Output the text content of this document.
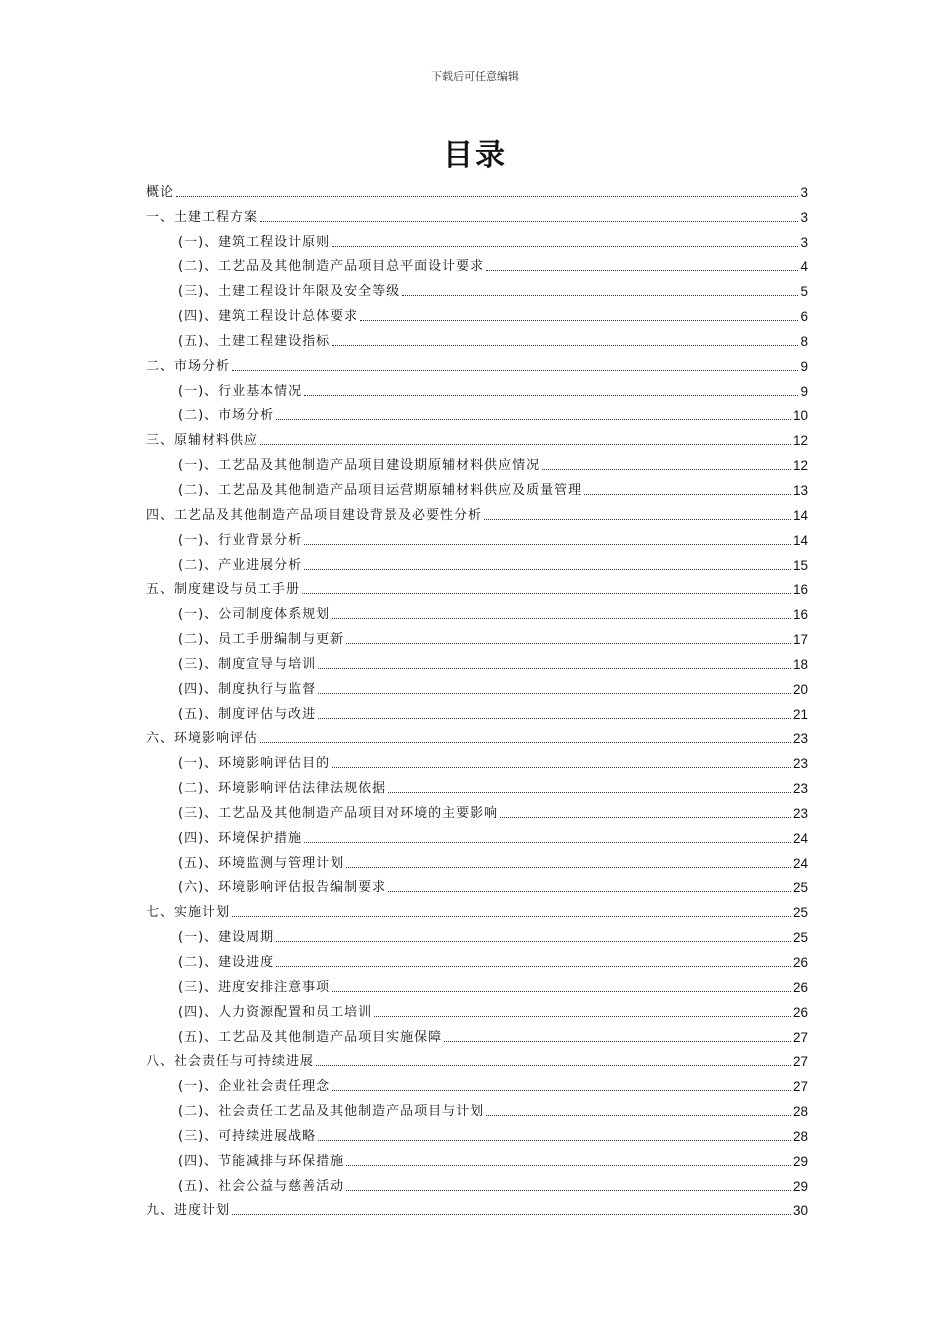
下载后可任意编辑
目录
概论	3
一、土建工程方案	3
(一)、建筑工程设计原则	3
(二)、工艺品及其他制造产品项目总平面设计要求	4
(三)、土建工程设计年限及安全等级	5
(四)、建筑工程设计总体要求	6
(五)、土建工程建设指标	8
二、市场分析	9
(一)、行业基本情况	9
(二)、市场分析	10
三、原辅材料供应	12
(一)、工艺品及其他制造产品项目建设期原辅材料供应情况	12
(二)、工艺品及其他制造产品项目运营期原辅材料供应及质量管理	13
四、工艺品及其他制造产品项目建设背景及必要性分析	14
(一)、行业背景分析	14
(二)、产业进展分析	15
五、制度建设与员工手册	16
(一)、公司制度体系规划	16
(二)、员工手册编制与更新	17
(三)、制度宣导与培训	18
(四)、制度执行与监督	20
(五)、制度评估与改进	21
六、环境影响评估	23
(一)、环境影响评估目的	23
(二)、环境影响评估法律法规依据	23
(三)、工艺品及其他制造产品项目对环境的主要影响	23
(四)、环境保护措施	24
(五)、环境监测与管理计划	24
(六)、环境影响评估报告编制要求	25
七、实施计划	25
(一)、建设周期	25
(二)、建设进度	26
(三)、进度安排注意事项	26
(四)、人力资源配置和员工培训	26
(五)、工艺品及其他制造产品项目实施保障	27
八、社会责任与可持续进展	27
(一)、企业社会责任理念	27
(二)、社会责任工艺品及其他制造产品项目与计划	28
(三)、可持续进展战略	28
(四)、节能减排与环保措施	29
(五)、社会公益与慈善活动	29
九、进度计划	30
